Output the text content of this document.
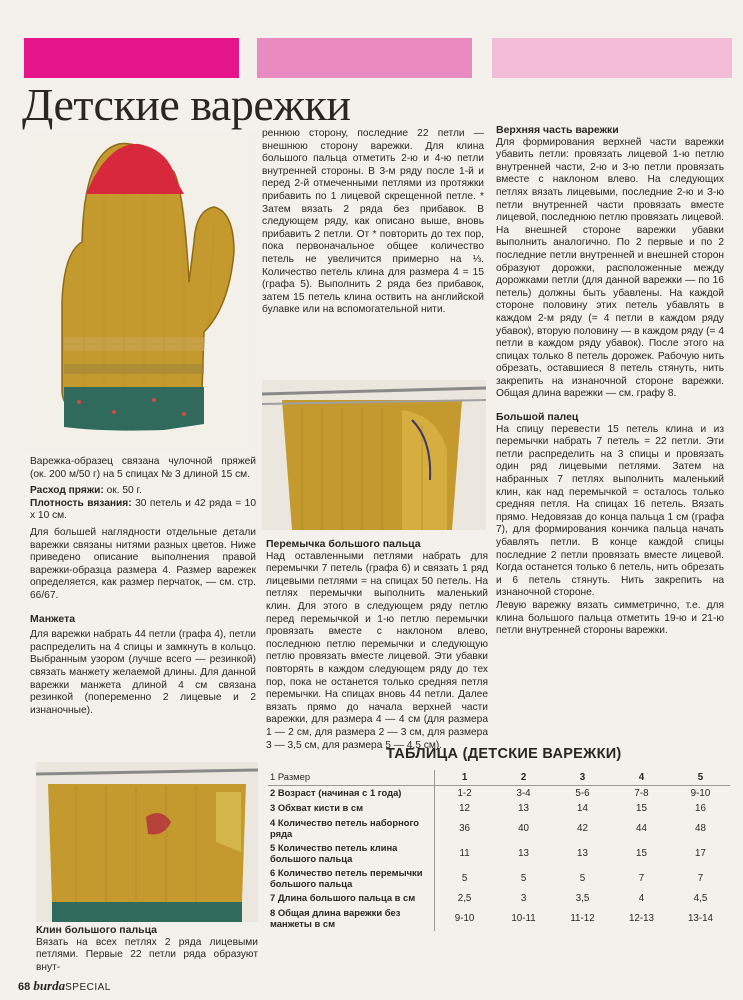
Детские варежки

Варежка-образец связана чулочной пряжей (ок. 200 м/50 г) на 5 спицах № 3 длиной 15 см.

Расход пряжи: ок. 50 г.

Плотность вязания: 30 петель и 42 ряда = 10 х 10 см.

Для большей наглядности отдельные детали варежки связаны нитями разных цветов. Ниже приведено описание выполнения правой варежки-образца размера 4. Размер варежек определяется, как размер перчаток, — см. стр. 66/67.

Манжета

Для варежки набрать 44 петли (графа 4), петли распределить на 4 спицы и замкнуть в кольцо. Выбранным узором (лучше всего — резинкой) связать манжету желаемой длины. Для данной варежки манжета длиной 4 см связана резинкой (попеременно 2 лицевые и 2 изнаночные).

Клин большого пальца

Вязать на всех петлях 2 ряда лицевыми петлями. Первые 22 петли ряда образуют внут-

реннюю сторону, последние 22 петли — внешнюю сторону варежки. Для клина большого пальца отметить 2-ю и 4-ю петли внутренней стороны. В 3-м ряду после 1-й и перед 2-й отмеченными петлями из протяжки прибавить по 1 лицевой скрещенной петле. * Затем вязать 2 ряда без прибавок. В следующем ряду, как описано выше, вновь прибавить 2 петли. От * повторить до тех пор, пока первоначальное общее количество петель не увеличится примерно на ⅓. Количество петель клина для размера 4 = 15 (графа 5). Выполнить 2 ряда без прибавок, затем 15 петель клина оствить на английской булавке или на вспомогательной нити.

Перемычка большого пальца

Над оставленными петлями набрать для перемычки 7 петель (графа 6) и связать 1 ряд лицевыми петлями = на спицах 50 петель. На петлях перемычки выполнить маленький клин. Для этого в следующем ряду петлю перед перемычкой и 1-ю петлю перемычки провязать вместе с наклоном влево, последнюю петлю перемычки и следующую петлю провязать вместе лицевой. Эти убавки повторять в каждом следующем ряду до тех пор, пока не останется только средняя петля перемычки. На спицах вновь 44 петли. Далее вязать прямо до начала верхней части варежки, для размера 4 — 4 см (для размера 1 — 2 см, для размера 2 — 3 см, для размера 3 — 3,5 см, для размера 5 — 4,5 см).

Верхняя часть варежки

Для формирования верхней части варежки убавить петли: провязать лицевой 1-ю петлю внутренней части, 2-ю и 3-ю петли провязать вместе с наклоном влево. На следующих петлях вязать лицевыми, последние 2-ю и 3-ю петли внутренней части провязать вместе лицевой, последнюю петлю провязать лицевой. На внешней стороне варежки убавки выполнить аналогично. По 2 первые и по 2 последние петли внутренней и внешней сторон образуют дорожки, расположенные между дорожками петли (для данной варежки — по 16 петель) должны быть убавлены. На каждой стороне половину этих петель убавлять в каждом 2-м ряду (= 4 петли в каждом ряду убавок), вторую половину — в каждом ряду (= 4 петли в каждом ряду убавок). После этого на спицах только 8 петель дорожек. Рабочую нить обрезать, оставшиеся 8 петель стянуть, нить закрепить на изнаночной стороне варежки. Общая длина варежки — см. графу 8.

Большой палец

На спицу перевести 15 петель клина и из перемычки набрать 7 петель = 22 петли. Эти петли распределить на 3 спицы и провязать один ряд лицевыми петлями. Затем на набранных 7 петлях выполнить маленький клин, как над перемычкой = осталось только средняя петля. На спицах 16 петель. Вязать прямо. Недовязав до конца пальца 1 см (графа 7), для формирования кончика пальца начать убавлять петли. В конце каждой спицы последние 2 петли провязать вместе лицевой. Когда останется только 6 петель, нить обрезать и 6 петель стянуть. Нить закрепить на изнаночной стороне.

Левую варежку вязать симметрично, т.е. для клина большого пальца отметить 19-ю и 21-ю петли внутренней стороны варежки.

ТАБЛИЦА (ДЕТСКИЕ ВАРЕЖКИ)
1 Размер	1	2	3	4	5
2 Возраст (начиная с 1 года)	1-2	3-4	5-6	7-8	9-10
3 Обхват кисти в см	12	13	14	15	16
4 Количество петель наборного ряда	36	40	42	44	48
5 Количество петель клина большого пальца	11	13	13	15	17
6 Количество петель перемычки большого пальца	5	5	5	7	7
7 Длина большого пальца в см	2,5	3	3,5	4	4,5
8 Общая длина варежки без манжеты в см	9-10	10-11	11-12	12-13	13-14
68 burdaSPECIAL
